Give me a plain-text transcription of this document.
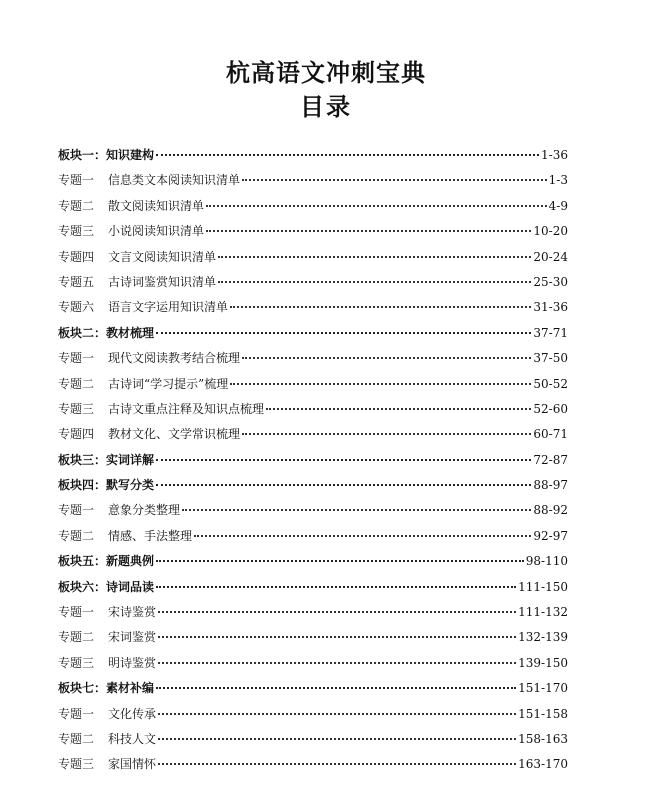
杭高语文冲刺宝典
目录
板块一： 知识建构	1-36
专题一	信息类文本阅读知识清单	1-3
专题二	散文阅读知识清单	4-9
专题三	小说阅读知识清单	10-20
专题四	文言文阅读知识清单	20-24
专题五	古诗词鉴赏知识清单	25-30
专题六	语言文字运用知识清单	31-36
板块二： 教材梳理	37-71
专题一	现代文阅读教考结合梳理	37-50
专题二	古诗词“学习提示”梳理	50-52
专题三	古诗文重点注释及知识点梳理	52-60
专题四	教材文化、文学常识梳理	60-71
板块三： 实词详解	72-87
板块四： 默写分类	88-97
专题一	意象分类整理	88-92
专题二	情感、手法整理	92-97
板块五： 新题典例	98-110
板块六： 诗词品读	111-150
专题一	宋诗鉴赏	111-132
专题二	宋词鉴赏	132-139
专题三	明诗鉴赏	139-150
板块七： 素材补编	151-170
专题一	文化传承	151-158
专题二	科技人文	158-163
专题三	家国情怀	163-170
